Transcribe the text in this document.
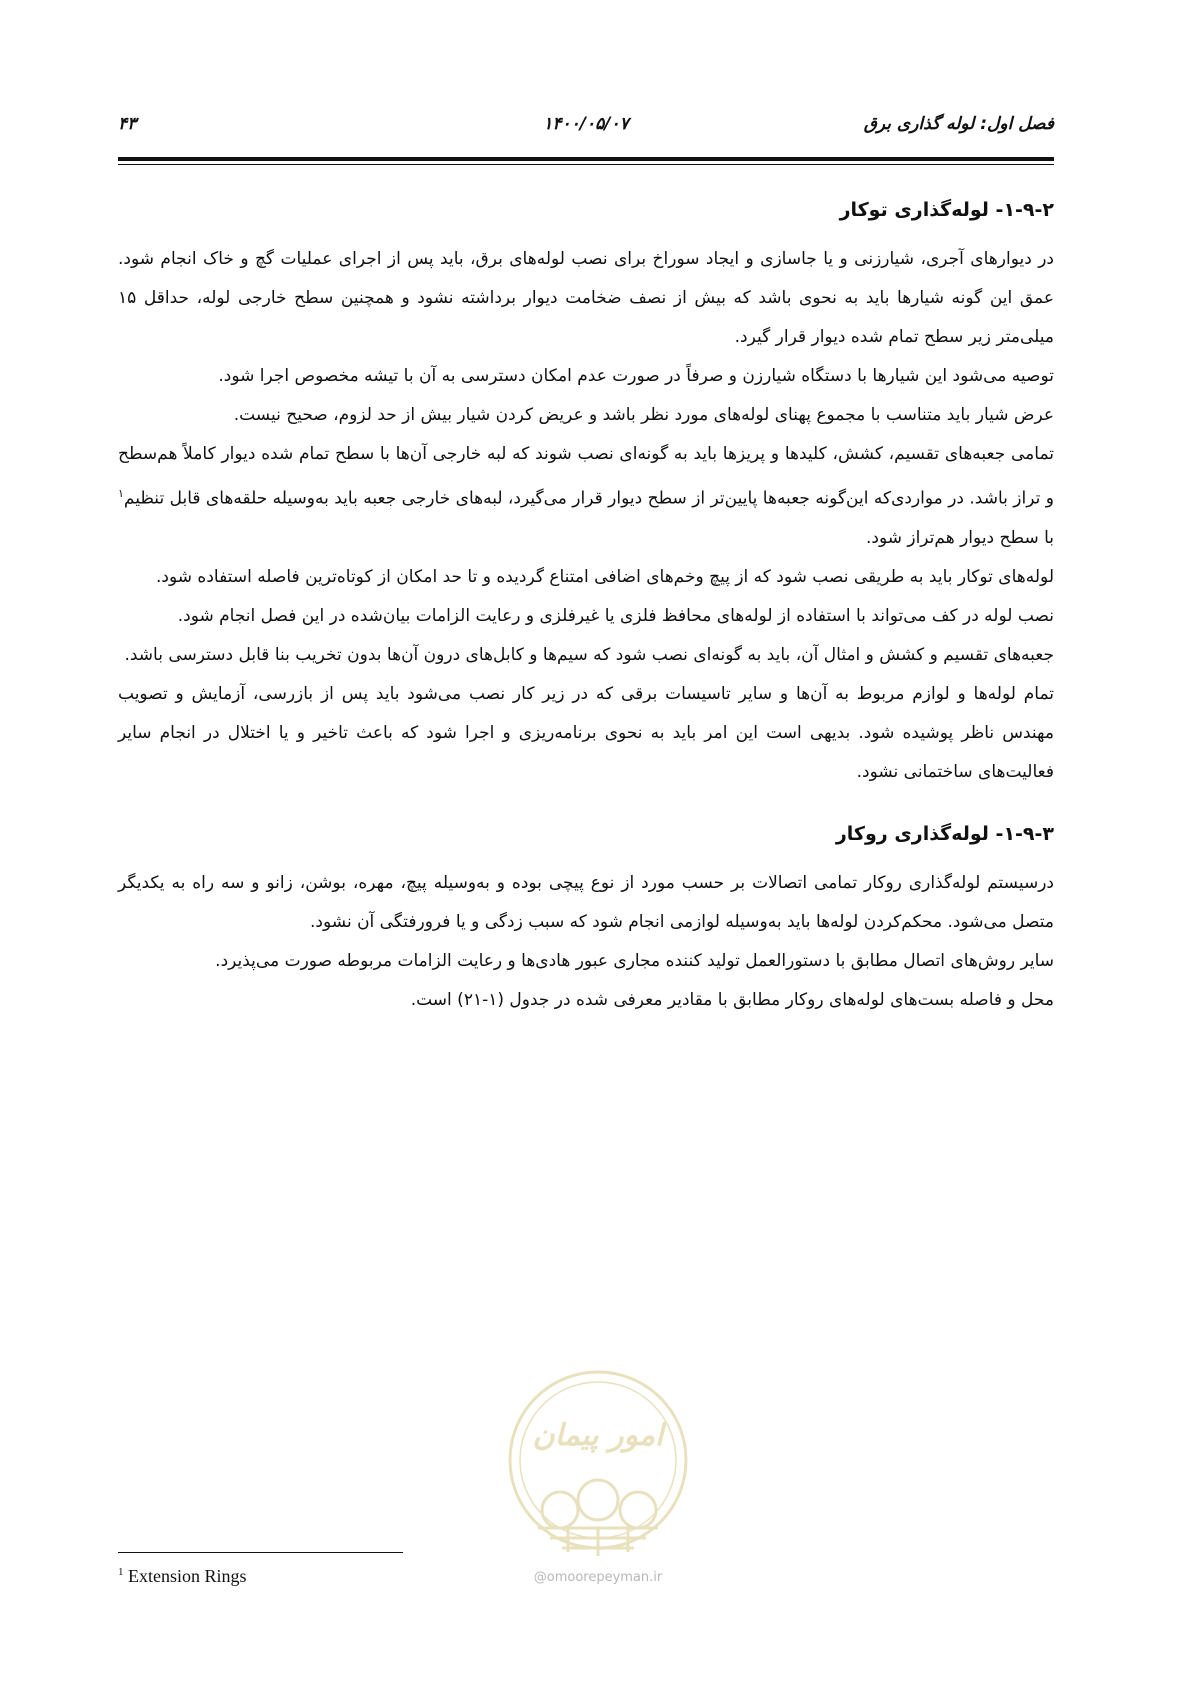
فصل اول: لوله گذاری برق
۱۴۰۰/۰۵/۰۷
۴۳
۱-۹-۲- لوله‌گذاری توکار

در دیوارهای آجری، شیارزنی و یا جاسازی و ایجاد سوراخ برای نصب لوله‌های برق، باید پس از اجرای عملیات گچ و خاک انجام شود. عمق این گونه شیارها باید به نحوی باشد که بیش از نصف ضخامت دیوار برداشته نشود و همچنین سطح خارجی لوله، حداقل ۱۵ میلی‌متر زیر سطح تمام شده دیوار قرار گیرد.

توصیه می‌شود این شیارها با دستگاه شیارزن و صرفاً در صورت عدم امکان دسترسی به آن با تیشه مخصوص اجرا شود.

عرض شیار باید متناسب با مجموع پهنای لوله‌های مورد نظر باشد و عریض کردن شیار بیش از حد لزوم، صحیح نیست.

تمامی جعبه‌های تقسیم، کشش، کلیدها و پریزها باید به گونه‌ای نصب شوند که لبه خارجی آن‌ها با سطح تمام شده دیوار کاملاً هم‌سطح و تراز باشد. در مواردی‌که این‌گونه جعبه‌ها پایین‌تر از سطح دیوار قرار می‌گیرد، لبه‌های خارجی جعبه باید به‌وسیله حلقه‌های قابل تنظیم$^۱$ با سطح دیوار هم‌تراز شود.

لوله‌های توکار باید به طریقی نصب شود که از پیچ وخم‌های اضافی امتناع گردیده و تا حد امکان از کوتاه‌ترین فاصله استفاده شود.

نصب لوله در کف می‌تواند با استفاده از لوله‌های محافظ فلزی یا غیرفلزی و رعایت الزامات بیان‌شده در این فصل انجام شود.

جعبه‌های تقسیم و کشش و امثال آن، باید به گونه‌ای نصب شود که سیم‌ها و کابل‌های درون آن‌ها بدون تخریب بنا قابل دسترسی باشد.

تمام لوله‌ها و لوازم مربوط به آن‌ها و سایر تاسیسات برقی که در زیر کار نصب می‌شود باید پس از بازرسی، آزمایش و تصویب مهندس ناظر پوشیده شود. بدیهی است این امر باید به نحوی برنامه‌ریزی و اجرا شود که باعث تاخیر و یا اختلال در انجام سایر فعالیت‌های ساختمانی نشود.

۱-۹-۳- لوله‌گذاری روکار

درسیستم لوله‌گذاری روکار تمامی اتصالات بر حسب مورد از نوع پیچی بوده و به‌وسیله پیچ، مهره، بوشن، زانو و سه راه به یکدیگر متصل می‌شود. محکم‌کردن لوله‌ها باید به‌وسیله لوازمی انجام شود که سبب زدگی و یا فرورفتگی آن نشود.

سایر روش‌های اتصال مطابق با دستورالعمل تولید کننده مجاری عبور هادی‌ها و رعایت الزامات مربوطه صورت می‌پذیرد.

محل و فاصله بست‌های لوله‌های روکار مطابق با مقادیر معرفی شده در جدول (۱-۲۱) است.

امور پیمان
@omoorepeyman.ir
$^1$ Extension Rings
